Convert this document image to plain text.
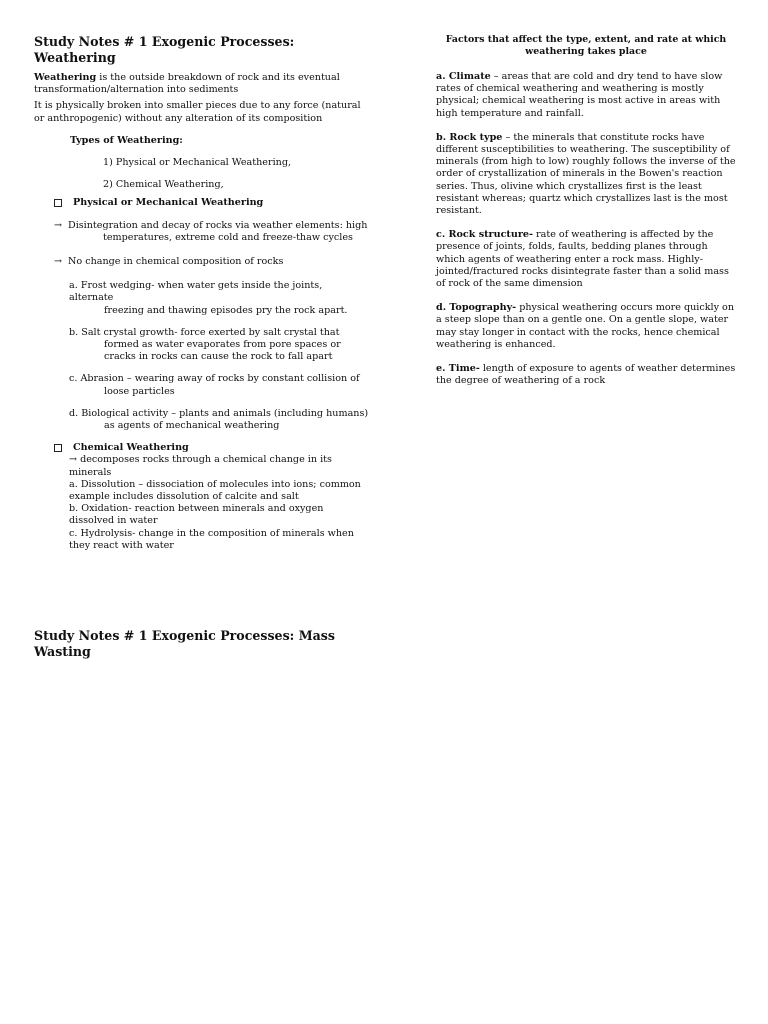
Study Notes # 1 Exogenic Processes: Weathering

Weathering is the outside breakdown of rock and its eventual transformation/alternation into sediments

It is physically broken into smaller pieces due to any force (natural or anthropogenic) without any alteration of its composition

Types of Weathering:

1) Physical or Mechanical Weathering,

2) Chemical Weathering,

Physical or Mechanical Weathering
→ Disintegration and decay of rocks via weather elements: high

temperatures, extreme cold and freeze-thaw cycles

→ No change in chemical composition of rocks
a. Frost wedging- when water gets inside the joints, alternate
freezing and thawing episodes pry the rock apart.
b. Salt crystal growth- force exerted by salt crystal that
formed as water evaporates from pore spaces or cracks in rocks can cause the rock to fall apart
c. Abrasion – wearing away of rocks by constant collision of
loose particles
d. Biological activity – plants and animals (including humans)
as agents of mechanical weathering
Chemical Weathering

→ decomposes rocks through a chemical change in its minerals

a. Dissolution – dissociation of molecules into ions; common example includes dissolution of calcite and salt

b. Oxidation- reaction between minerals and oxygen dissolved in water

c. Hydrolysis- change in the composition of minerals when they react with water

Factors that affect the type, extent, and rate at which weathering takes place

a. Climate – areas that are cold and dry tend to have slow rates of chemical weathering and weathering is mostly physical; chemical weathering is most active in areas with high temperature and rainfall.

b. Rock type – the minerals that constitute rocks have different susceptibilities to weathering. The susceptibility of minerals (from high to low) roughly follows the inverse of the order of crystallization of minerals in the Bowen's reaction series. Thus, olivine which crystallizes first is the least resistant whereas; quartz which crystallizes last is the most resistant.

c. Rock structure- rate of weathering is affected by the presence of joints, folds, faults, bedding planes through which agents of weathering enter a rock mass. Highly-jointed/fractured rocks disintegrate faster than a solid mass of rock of the same dimension

d. Topography- physical weathering occurs more quickly on a steep slope than on a gentle one. On a gentle slope, water may stay longer in contact with the rocks, hence chemical weathering is enhanced.

e. Time- length of exposure to agents of weather determines the degree of weathering of a rock

Study Notes # 1 Exogenic Processes: Mass Wasting
